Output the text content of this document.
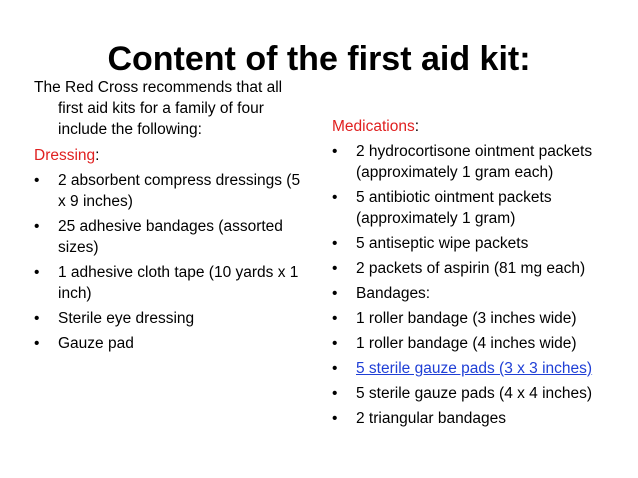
Content of the first aid kit:
The Red Cross recommends that all first aid kits for a family of four include the following:
Dressing:
•	2 absorbent compress dressings (5 x 9 inches)
•	25 adhesive bandages (assorted sizes)
•	1 adhesive cloth tape (10 yards x 1 inch)
•	Sterile eye dressing
•	Gauze pad
Medications:
•	2 hydrocortisone ointment packets (approximately 1 gram each)
•	5 antibiotic ointment packets (approximately 1 gram)
•	5 antiseptic wipe packets
•	2 packets of aspirin (81 mg each)
•	Bandages:
•	1 roller bandage (3 inches wide)
•	1 roller bandage (4 inches wide)
•	5 sterile gauze pads (3 x 3 inches)
•	5 sterile gauze pads (4 x 4 inches)
•	2 triangular bandages
